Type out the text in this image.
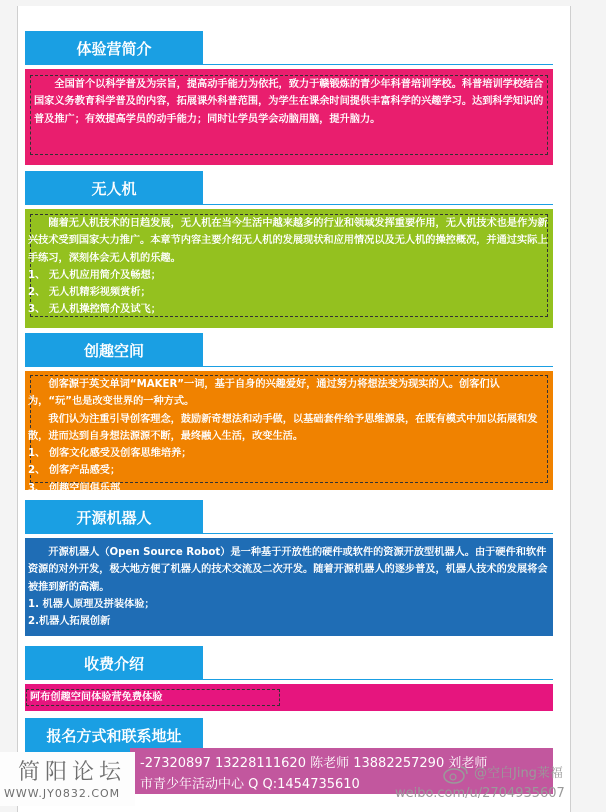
体验营简介

全国首个以科学普及为宗旨，提高动手能力为依托，致力于赣锻炼的青少年科普培训学校。科普培训学校结合国家义务教育科学普及的内容，拓展课外科普范围，为学生在课余时间提供丰富科学的兴趣学习。达到科学知识的普及推广；有效提高学员的动手能力；同时让学员学会动脑用脑，提升脑力。

无人机

随着无人机技术的日趋发展，无人机在当今生活中越来越多的行业和领域发挥重要作用，无人机技术也是作为新兴技术受到国家大力推广。本章节内容主要介绍无人机的发展现状和应用情况以及无人机的操控概况，并通过实际上手练习，深刻体会无人机的乐趣。

1、 无人机应用简介及畅想；

2、 无人机精彩视频赏析；

3、 无人机操控简介及试飞；

创趣空间

创客源于英文单词“MAKER”一词，基于自身的兴趣爱好，通过努力将想法变为现实的人。创客们认为，“玩”也是改变世界的一种方式。

我们认为注重引导创客理念，鼓励新奇想法和动手做，以基础套件给予思维源泉，在既有模式中加以拓展和发散，进而达到自身想法源源不断，最终融入生活，改变生活。

1、 创客文化感受及创客思维培养；

2、 创客产品感受；

3、 创趣空间俱乐部

开源机器人

开源机器人（Open Source Robot）是一种基于开放性的硬件或软件的资源开放型机器人。由于硬件和软件资源的对外开发，极大地方便了机器人的技术交流及二次开发。随着开源机器人的逐步普及，机器人技术的发展将会被推到新的高潮。

1. 机器人原理及拼装体验；

2.机器人拓展创新

收费介绍
阿布创趣空间体验营免费体验
报名方式和联系地址
-27320897 13228111620 陈老师 13882257290 刘老师
市青少年活动中心 Q Q:1454735610
简阳论坛
WWW.JY0832.COM
@空白Jing莱福
weibo.com/u/2704935607
